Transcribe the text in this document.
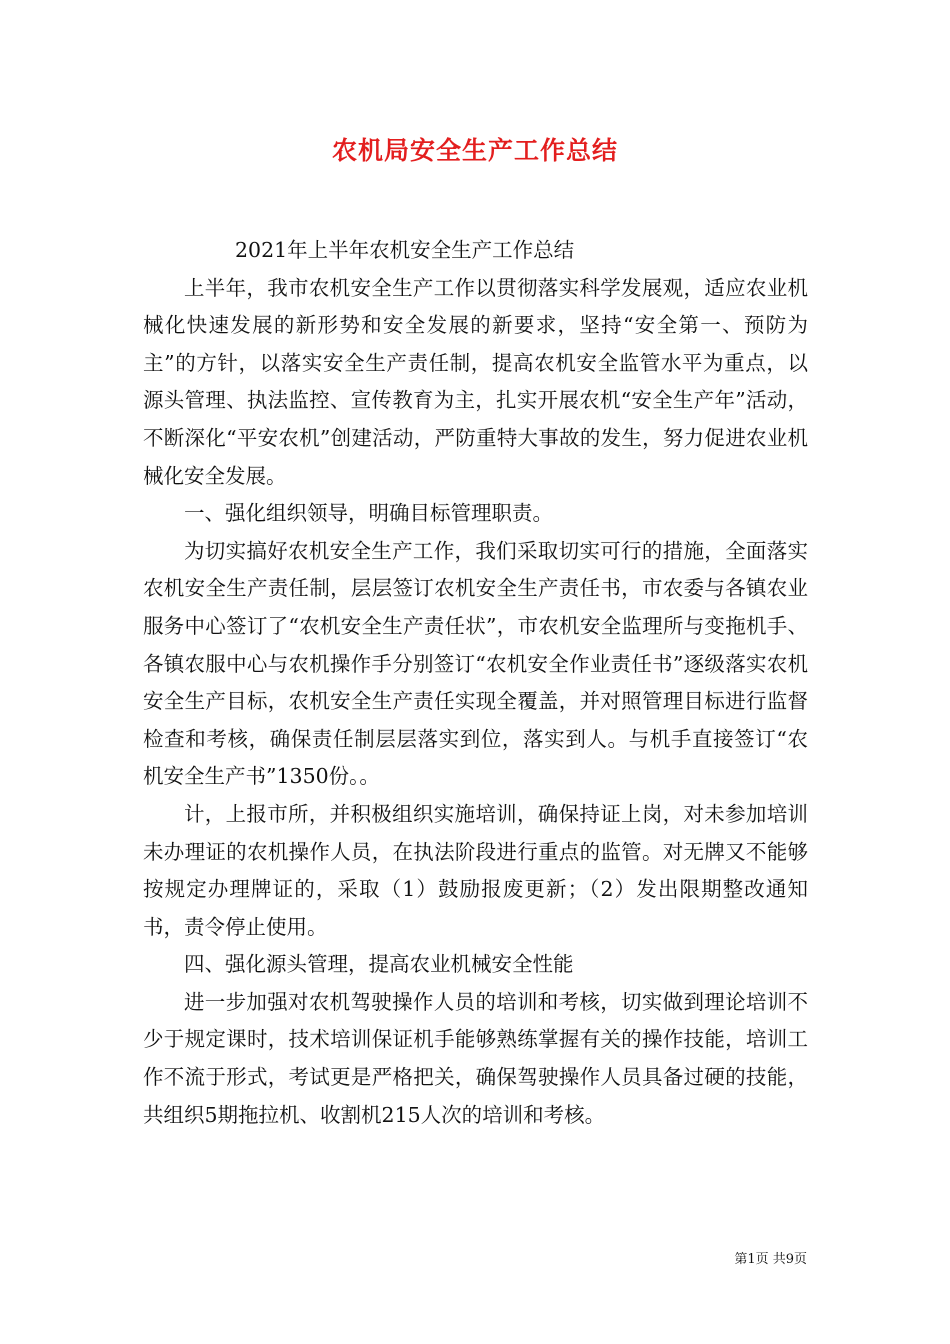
农机局安全生产工作总结

2021年上半年农机安全生产工作总结

上半年，我市农机安全生产工作以贯彻落实科学发展观，适应农业机械化快速发展的新形势和安全发展的新要求，坚持“安全第一、预防为主”的方针，以落实安全生产责任制，提高农机安全监管水平为重点，以源头管理、执法监控、宣传教育为主，扎实开展农机“安全生产年”活动，不断深化“平安农机”创建活动，严防重特大事故的发生，努力促进农业机械化安全发展。

一、强化组织领导，明确目标管理职责。

为切实搞好农机安全生产工作，我们采取切实可行的措施，全面落实农机安全生产责任制，层层签订农机安全生产责任书，市农委与各镇农业服务中心签订了“农机安全生产责任状”，市农机安全监理所与变拖机手、各镇农服中心与农机操作手分别签订“农机安全作业责任书”逐级落实农机安全生产目标，农机安全生产责任实现全覆盖，并对照管理目标进行监督检查和考核，确保责任制层层落实到位，落实到人。与机手直接签订“农机安全生产书”1350份。。

计，上报市所，并积极组织实施培训，确保持证上岗，对未参加培训未办理证的农机操作人员，在执法阶段进行重点的监管。对无牌又不能够按规定办理牌证的，采取（1）鼓励报废更新；（2）发出限期整改通知书，责令停止使用。

四、强化源头管理，提高农业机械安全性能

进一步加强对农机驾驶操作人员的培训和考核，切实做到理论培训不少于规定课时，技术培训保证机手能够熟练掌握有关的操作技能，培训工作不流于形式，考试更是严格把关，确保驾驶操作人员具备过硬的技能，共组织5期拖拉机、收割机215人次的培训和考核。

第1页 共9页
